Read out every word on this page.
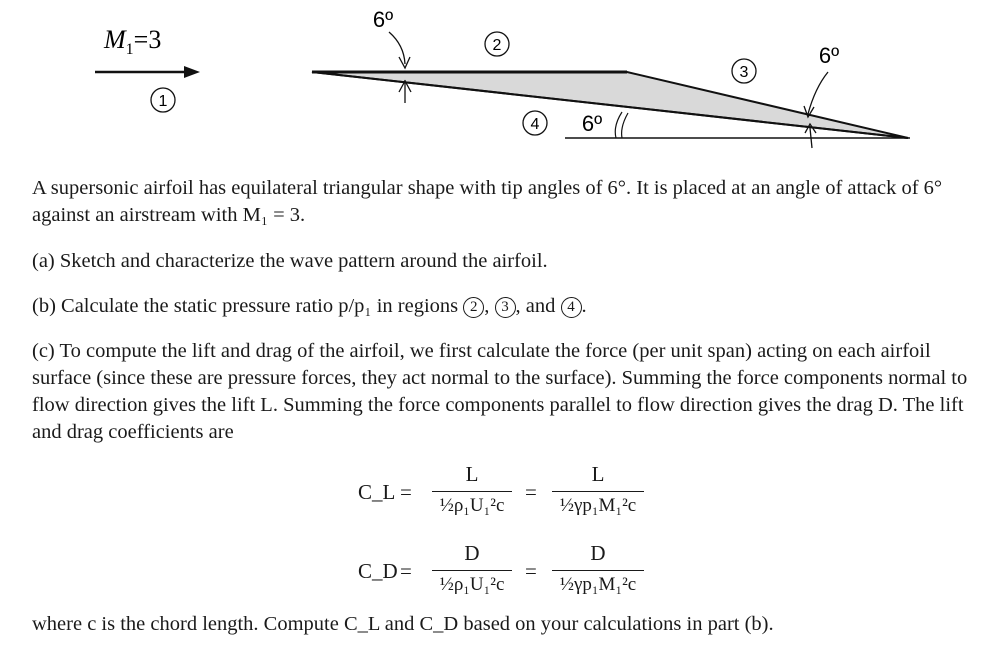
$M_1=3$
1
6º
2
3
4 6º
6º

A supersonic airfoil has equilateral triangular shape with tip angles of 6°. It is placed at an angle of attack of 6° against an airstream with M₁ = 3.

(a) Sketch and characterize the wave pattern around the airfoil.

(b) Calculate the static pressure ratio p/p₁ in regions 2 , 3 , and 4 .

(c) To compute the lift and drag of the airfoil, we first calculate the force (per unit span) acting on each airfoil surface (since these are pressure forces, they act normal to the surface). Summing the force components normal to flow direction gives the lift L. Summing the force components parallel to flow direction gives the drag D. The lift and drag coefficients are

C_L =
L
½ρ₁U₁²c
=
L
½γp₁M₁²c
C_D =
D
½ρ₁U₁²c
=
D
½γp₁M₁²c

where c is the chord length. Compute C_L and C_D based on your calculations in part (b).
